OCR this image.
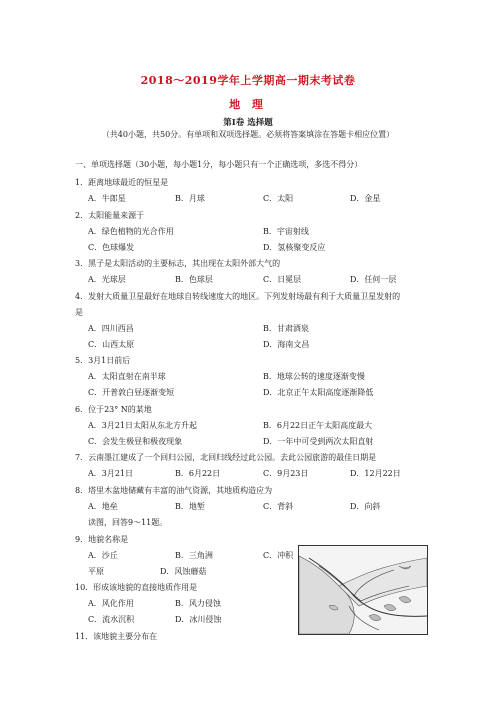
2018～2019学年上学期高一期末考试卷
地 理
第Ⅰ卷 选择题
（共40小题，共50分。有单项和双项选择题。必须将答案填涂在答题卡相应位置）
一、单项选择题（30小题，每小题1分，每小题只有一个正确选项，多选不得分）
1．距离地球最近的恒星是
A．牛郎星	B．月球	C．太阳	D．金星
2．太阳能量来源于
A．绿色植物的光合作用	B．宇宙射线
C．色球爆发	D．氢核聚变反应
3．黑子是太阳活动的主要标志，其出现在太阳外部大气的
A．光球层	B．色球层	C．日冕层	D．任何一层
4．发射大质量卫星最好在地球自转线速度大的地区。下列发射场最有利于大质量卫星发射的
是
A．四川西昌	B．甘肃酒泉
C．山西太原	D．海南文昌
5．3月1日前后
A．太阳直射在南半球	B．地球公转的速度逐渐变慢
C．开普敦白昼逐渐变短	D．北京正午太阳高度逐渐降低
6．位于23° N的某地
A．3月21日太阳从东北方升起	B．6月22日正午太阳高度最大
C．会发生极昼和极夜现象	D．一年中可受到两次太阳直射
7．云南墨江建成了一个回归公园，北回归线经过此公园。去此公园旅游的最佳日期是
A．3月21日	B．6月22日	C．9月23日	D．12月22日
8．塔里木盆地储藏有丰富的油气资源，其地质构造应为
A．地垒	B．地堑	C．背斜	D．向斜
读图，回答9～11题。
9．地貌名称是
A．沙丘	B．三角洲	C．冲积
平原	D．风蚀蘑菇
10．形成该地貌的直接地质作用是
A．风化作用	B．风力侵蚀
C．流水沉积	D．冰川侵蚀
11．该地貌主要分布在
